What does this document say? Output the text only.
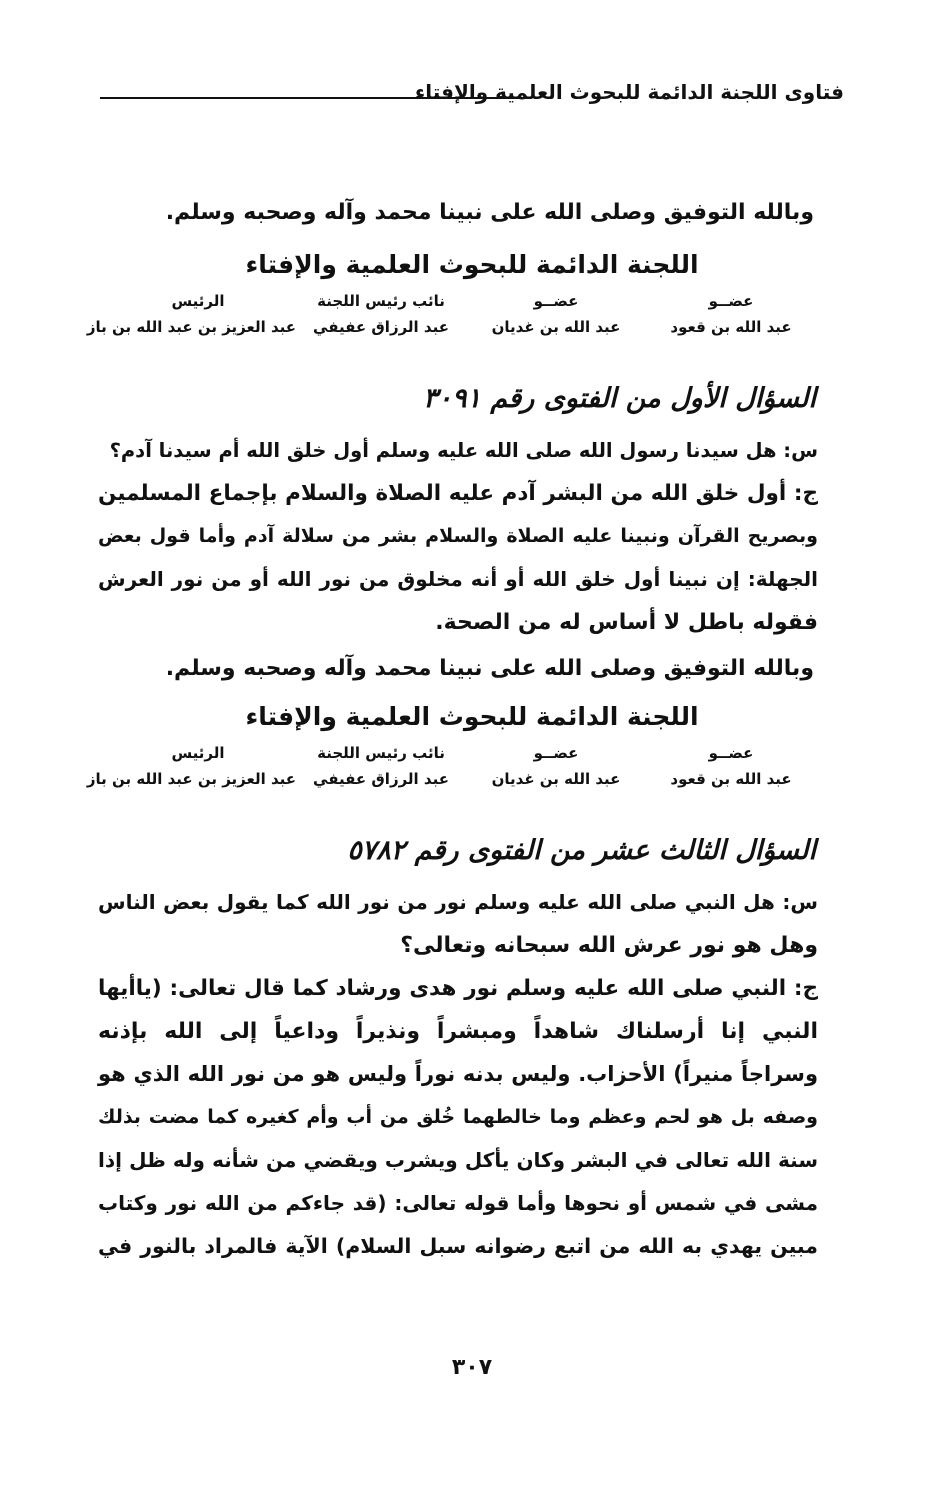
فتاوى اللجنة الدائمة للبحوث العلمية والإفتاء
وبالله التوفيق وصلى الله على نبينا محمد وآله وصحبه وسلم.
اللجنة الدائمة للبحوث العلمية والإفتاء
عضــو
عبد الله بن قعود
عضــو
عبد الله بن غديان
نائب رئيس اللجنة
عبد الرزاق عفيفي
الرئيس
عبد العزيز بن عبد الله بن باز
السؤال الأول من الفتوى رقم ٣٠٩١
س: هل سيدنا رسول الله صلى الله عليه وسلم أول خلق الله أم سيدنا آدم؟
ج: أول خلق الله من البشر آدم عليه الصلاة والسلام بإجماع المسلمين
وبصريح القرآن ونبينا عليه الصلاة والسلام بشر من سلالة آدم وأما قول بعض
الجهلة: إن نبينا أول خلق الله أو أنه مخلوق من نور الله أو من نور العرش
فقوله باطل لا أساس له من الصحة.
وبالله التوفيق وصلى الله على نبينا محمد وآله وصحبه وسلم.
اللجنة الدائمة للبحوث العلمية والإفتاء
عضــو
عبد الله بن قعود
عضــو
عبد الله بن غديان
نائب رئيس اللجنة
عبد الرزاق عفيفي
الرئيس
عبد العزيز بن عبد الله بن باز
السؤال الثالث عشر من الفتوى رقم ٥٧٨٢
س: هل النبي صلى الله عليه وسلم نور من نور الله كما يقول بعض الناس
وهل هو نور عرش الله سبحانه وتعالى؟
ج: النبي صلى الله عليه وسلم نور هدى ورشاد كما قال تعالى: (ياأيها
النبي إنا أرسلناك شاهداً ومبشراً ونذيراً وداعياً إلى الله بإذنه
وسراجاً منيراً) الأحزاب. وليس بدنه نوراً وليس هو من نور الله الذي هو
وصفه بل هو لحم وعظم وما خالطهما خُلق من أب وأم كغيره كما مضت بذلك
سنة الله تعالى في البشر وكان يأكل ويشرب ويقضي من شأنه وله ظل إذا
مشى في شمس أو نحوها وأما قوله تعالى: (قد جاءكم من الله نور وكتاب
مبين يهدي به الله من اتبع رضوانه سبل السلام) الآية فالمراد بالنور في
٣٠٧
